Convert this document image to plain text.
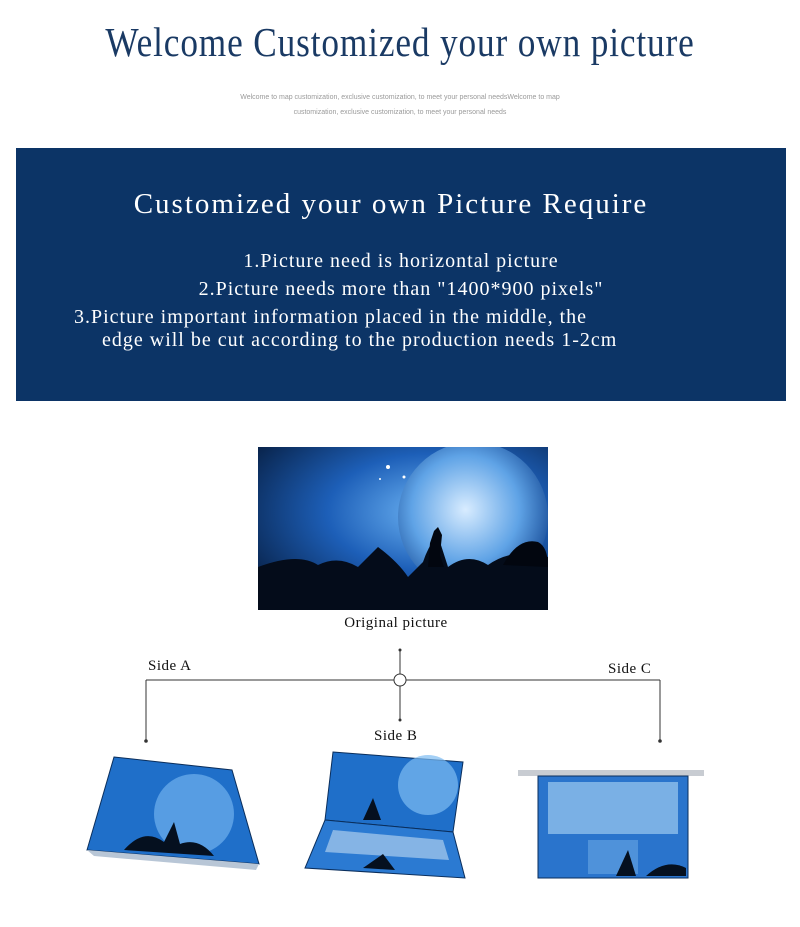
Welcome Customized your own picture
Welcome to map customization, exclusive customization, to meet your personal needsWelcome to map
customization, exclusive customization, to meet your personal needs
Customized your own Picture Require
1.Picture need is horizontal picture
2.Picture needs more than "1400*900 pixels"
3.Picture important information placed in the middle, the
edge will be cut according to the production needs 1-2cm
Original picture
Side A
Side B
Side C
